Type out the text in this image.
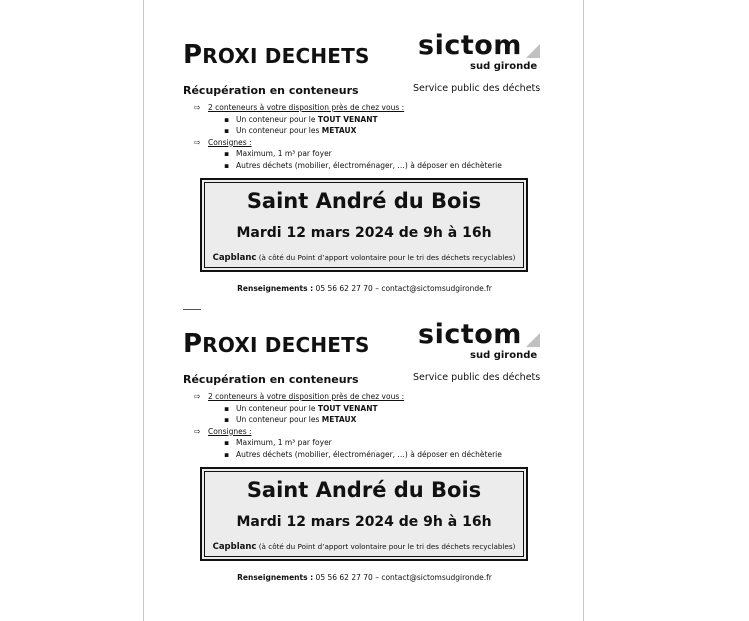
PROXI DECHETS sictom
sud gironde
Service public des déchets
Récupération en conteneurs
⇨ 2 conteneurs à votre disposition près de chez vous :
▪ Un conteneur pour le TOUT VENANT
▪ Un conteneur pour les METAUX
⇨ Consignes :
▪ Maximum, 1 m³ par foyer
▪ Autres déchets (mobilier, électroménager, …) à déposer en déchèterie
Saint André du Bois
Mardi 12 mars 2024 de 9h à 16h
Capblanc (à côté du Point d’apport volontaire pour le tri des déchets recyclables)
Renseignements : 05 56 62 27 70 – contact@sictomsudgironde.fr
PROXI DECHETS sictom
sud gironde
Service public des déchets
Récupération en conteneurs
⇨ 2 conteneurs à votre disposition près de chez vous :
▪ Un conteneur pour le TOUT VENANT
▪ Un conteneur pour les METAUX
⇨ Consignes :
▪ Maximum, 1 m³ par foyer
▪ Autres déchets (mobilier, électroménager, …) à déposer en déchèterie
Saint André du Bois
Mardi 12 mars 2024 de 9h à 16h
Capblanc (à côté du Point d’apport volontaire pour le tri des déchets recyclables)
Renseignements : 05 56 62 27 70 – contact@sictomsudgironde.fr
